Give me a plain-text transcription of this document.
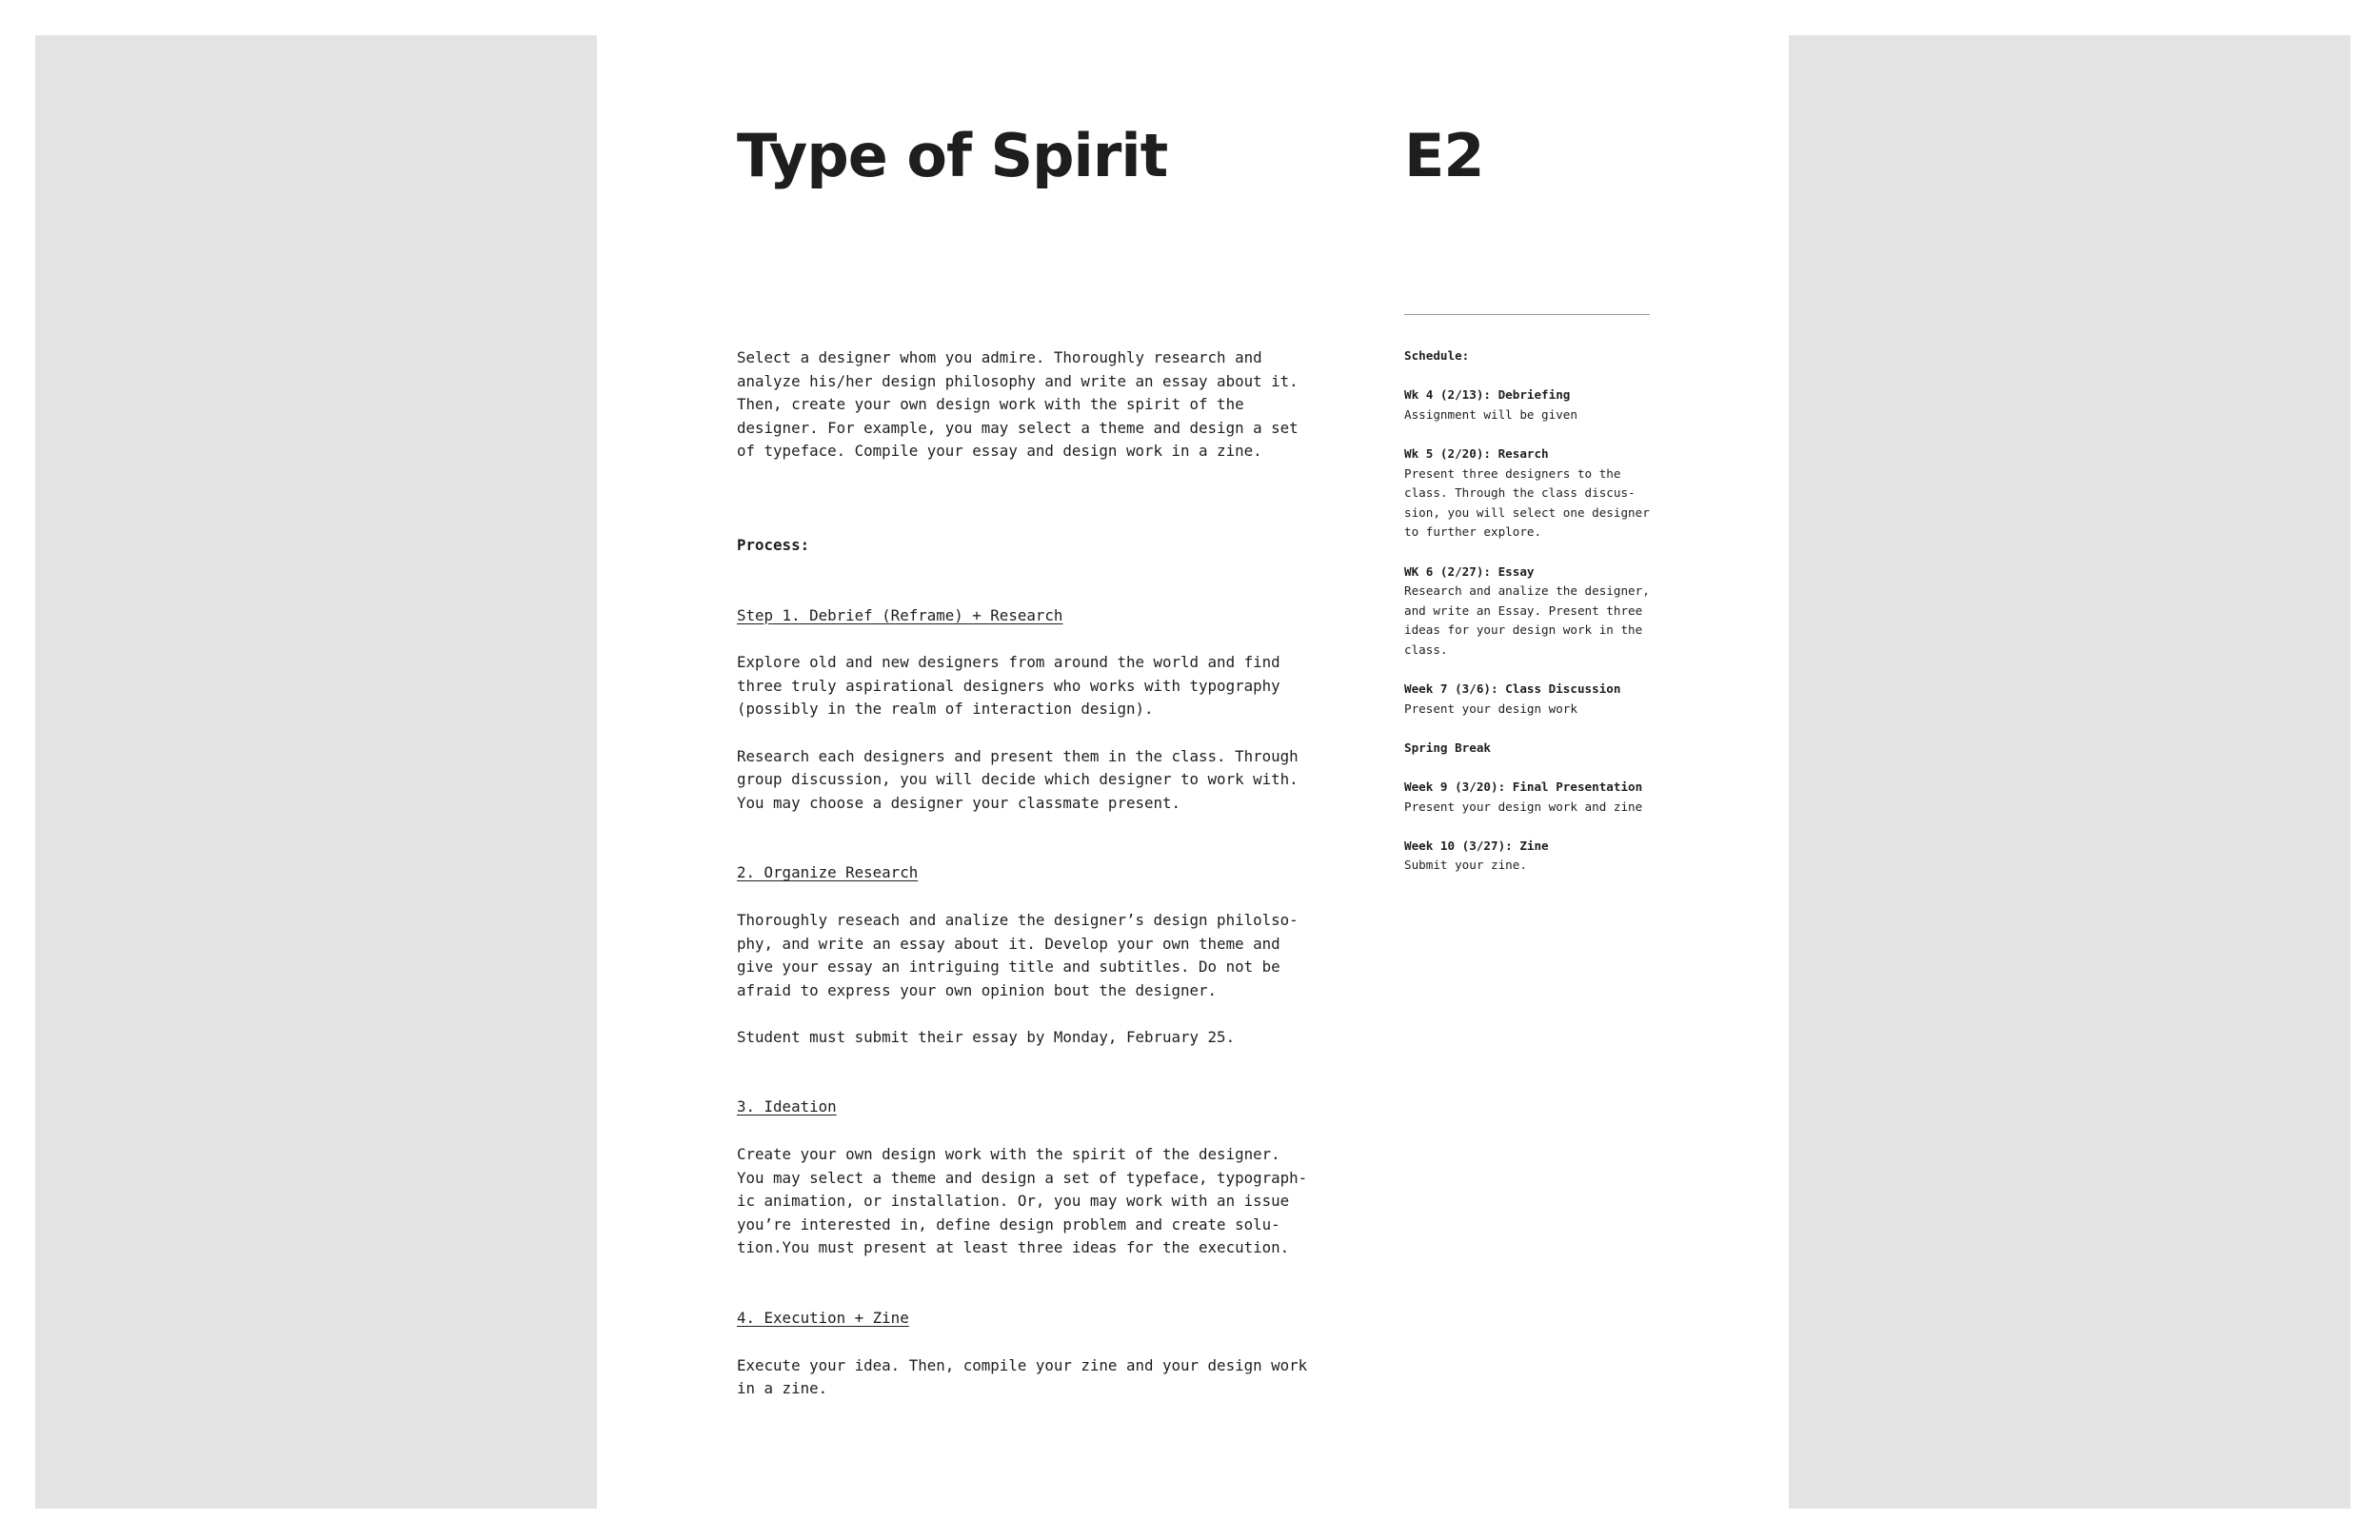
Type of Spirit	E2

Select a designer whom you admire. Thoroughly research and
analyze his/her design philosophy and write an essay about it.
Then, create your own design work with the spirit of the
designer. For example, you may select a theme and design a set
of typeface. Compile your essay and design work in a zine.

Process:

Step 1. Debrief (Reframe) + Research

Explore old and new designers from around the world and find
three truly aspirational designers who works with typography
(possibly in the realm of interaction design).

Research each designers and present them in the class. Through
group discussion, you will decide which designer to work with.
You may choose a designer your classmate present.

2. Organize Research

Thoroughly reseach and analize the designer’s design philolso-
phy, and write an essay about it. Develop your own theme and
give your essay an intriguing title and subtitles. Do not be
afraid to express your own opinion bout the designer.

Student must submit their essay by Monday, February 25.

3. Ideation

Create your own design work with the spirit of the designer.
You may select a theme and design a set of typeface, typograph-
ic animation, or installation. Or, you may work with an issue
you’re interested in, define design problem and create solu-
tion.You must present at least three ideas for the execution.

4. Execution + Zine

Execute your idea. Then, compile your zine and your design work
in a zine.

Schedule:

Wk 4 (2/13): Debriefing

Assignment will be given

Wk 5 (2/20): Resarch

Present three designers to the
class. Through the class discus-
sion, you will select one designer
to further explore.

WK 6 (2/27): Essay

Research and analize the designer,
and write an Essay. Present three
ideas for your design work in the
class.

Week 7 (3/6): Class Discussion

Present your design work

Spring Break

Week 9 (3/20): Final Presentation

Present your design work and zine

Week 10 (3/27): Zine

Submit your zine.
